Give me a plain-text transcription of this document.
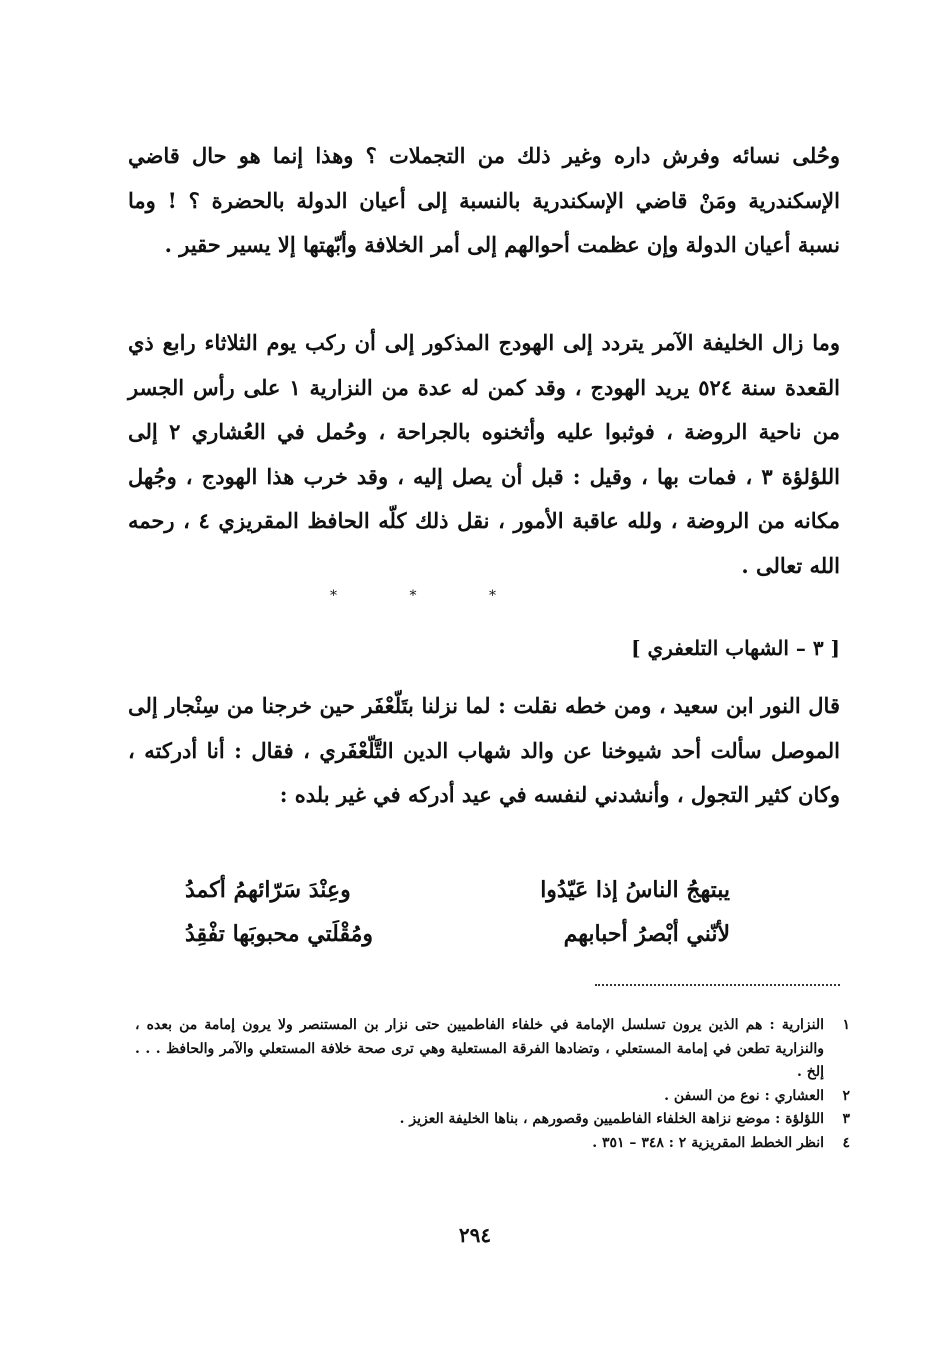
وحُلى نسائه وفرش داره وغير ذلك من التجملات ؟ وهذا إنما هو حال قاضي الإسكندرية ومَنْ قاضي الإسكندرية بالنسبة إلى أعيان الدولة بالحضرة ؟ ! وما نسبة أعيان الدولة وإن عظمت أحوالهم إلى أمر الخلافة وأبّهتها إلا يسير حقير .

وما زال الخليفة الآمر يتردد إلى الهودج المذكور إلى أن ركب يوم الثلاثاء رابع ذي القعدة سنة ٥٢٤ يريد الهودج ، وقد كمن له عدة من النزارية ١ على رأس الجسر من ناحية الروضة ، فوثبوا عليه وأثخنوه بالجراحة ، وحُمل في العُشاري ٢ إلى اللؤلؤة ٣ ، فمات بها ، وقيل : قبل أن يصل إليه ، وقد خرب هذا الهودج ، وجُهل مكانه من الروضة ، ولله عاقبة الأمور ، نقل ذلك كلّه الحافظ المقريزي ٤ ، رحمه الله تعالى .

* * *
[ ٣ – الشهاب التلعفري ]

قال النور ابن سعيد ، ومن خطه نقلت : لما نزلنا بتَلّعْفَر حين خرجنا من سِنْجار إلى الموصل سألت أحد شيوخنا عن والد شهاب الدين التَّلّعْفَري ، فقال : أنا أدركته ، وكان كثير التجول ، وأنشدني لنفسه في عيد أدركه في غير بلده :

يبتهجُ الناسُ إذا عَيّدُوا
وعِنْدَ سَرّائهمُ أكمدُ
لأنّني أبْصرُ أحبابهم
ومُقْلَتي محبوبَها تفْقِدُ
١
النزارية : هم الذين يرون تسلسل الإمامة في خلفاء الفاطميين حتى نزار بن المستنصر ولا يرون إمامة من بعده ، والنزارية تطعن في إمامة المستعلي ، وتضادها الفرقة المستعلية وهي ترى صحة خلافة المستعلي والآمر والحافظ . . . إلخ .
٢
العشاري : نوع من السفن .
٣
اللؤلؤة : موضع نزاهة الخلفاء الفاطميين وقصورهم ، بناها الخليفة العزيز .
٤
انظر الخطط المقريزية ٢ : ٣٤٨ – ٣٥١ .
٢٩٤
